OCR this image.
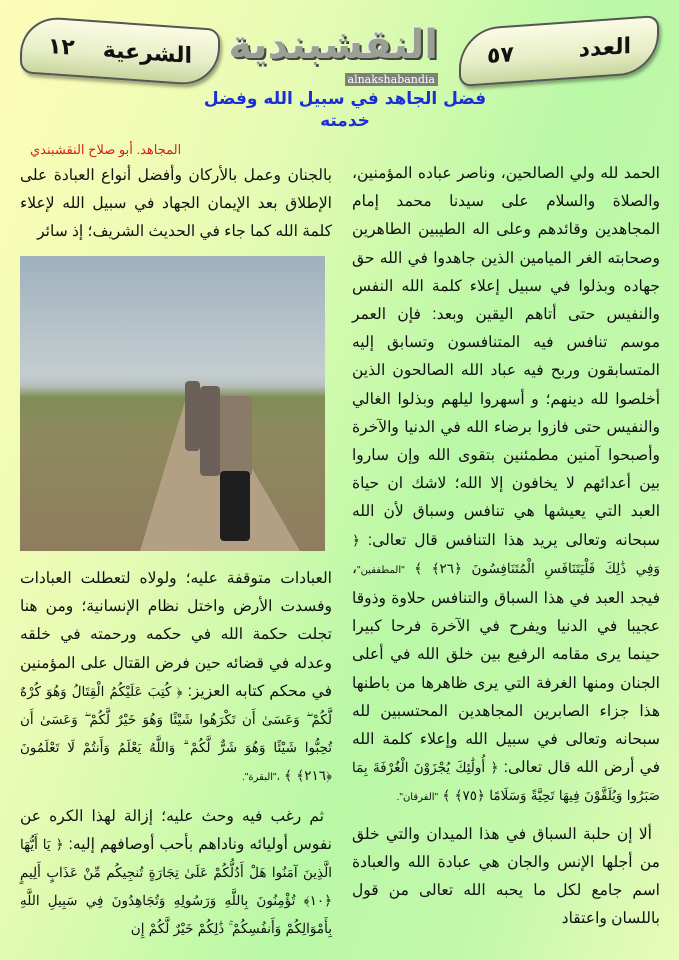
العدد
٥٧
النقشبندية
alnakshabandia
الشرعية
١٢
فضل الجاهد في سبيل الله وفضل خدمته
المجاهد. أبو صلاح النقشبندي

الحمد لله ولي الصالحين، وناصر عباده المؤمنين، والصلاة والسلام على سيدنا محمد إمام المجاهدين وقائدهم وعلى اله الطيبين الطاهرين وصحابته الغر الميامين الذين جاهدوا في الله حق جهاده وبذلوا في سبيل إعلاء كلمة الله النفس والنفيس حتى أتاهم اليقين وبعد: فإن العمر موسم تنافس فيه المتنافسون وتسابق إليه المتسابقون وربح فيه عباد الله الصالحون الذين أخلصوا لله دينهم؛ و أسهروا ليلهم وبذلوا الغالي والنفيس حتى فازوا برضاء الله في الدنيا والآخرة وأصبحوا آمنين مطمئنين بتقوى الله وإن ساروا بين أعدائهم لا يخافون إلا الله؛ لاشك ان حياة العبد التي يعيشها هي تنافس وسباق لأن الله سبحانه وتعالى يريد هذا التنافس قال تعالى: ﴿ وَفِي ذَٰلِكَ فَلْيَتَنَافَسِ الْمُتَنَافِسُونَ ﴿٢٦﴾ ﴾ "المطففين"، فيجد العبد في هذا السباق والتنافس حلاوة وذوقا عجيبا في الدنيا ويفرح في الآخرة فرحا كبيرا حينما يرى مقامه الرفيع بين خلق الله في أعلى الجنان ومنها الغرفة التي يرى ظاهرها من باطنها هذا جزاء الصابرين المجاهدين المحتسبين لله سبحانه وتعالى في سبيل الله وإعلاء كلمة الله في أرض الله قال تعالى: ﴿ أُولَٰئِكَ يُجْزَوْنَ الْغُرْفَةَ بِمَا صَبَرُوا وَيُلَقَّوْنَ فِيهَا تَحِيَّةً وَسَلَامًا ﴿٧٥﴾ ﴾ "الفرقان".

ألا إن حلبة السباق في هذا الميدان والتي خلق من أجلها الإنس والجان هي عبادة الله والعبادة اسم جامع لكل ما يحبه الله تعالى من قول باللسان واعتقاد

بالجنان وعمل بالأركان وأفضل أنواع العبادة على الإطلاق بعد الإيمان الجهاد في سبيل الله لإعلاء كلمة الله كما جاء في الحديث الشريف؛ إذ سائر

العبادات متوقفة عليه؛ ولولاه لتعطلت العبادات وفسدت الأرض واختل نظام الإنسانية؛ ومن هنا تجلت حكمة الله في حكمه ورحمته في خلقه وعدله في قضائه حين فرض القتال على المؤمنين في محكم كتابه العزيز: ﴿ كُتِبَ عَلَيْكُمُ الْقِتَالُ وَهُوَ كُرْهٌ لَّكُمْ ۖ وَعَسَىٰ أَن تَكْرَهُوا شَيْئًا وَهُوَ خَيْرٌ لَّكُمْ ۖ وَعَسَىٰ أَن تُحِبُّوا شَيْئًا وَهُوَ شَرٌّ لَّكُمْ ۗ وَاللَّهُ يَعْلَمُ وَأَنتُمْ لَا تَعْلَمُونَ ﴿٢١٦﴾ ﴾ ،"البقرة".

ثم رغب فيه وحث عليه؛ إزالة لهذا الكره عن نفوس أوليائه وناداهم بأحب أوصافهم إليه: ﴿ يَا أَيُّهَا الَّذِينَ آمَنُوا هَلْ أَدُلُّكُمْ عَلَىٰ تِجَارَةٍ تُنجِيكُم مِّنْ عَذَابٍ أَلِيمٍ ﴿١٠﴾ تُؤْمِنُونَ بِاللَّهِ وَرَسُولِهِ وَتُجَاهِدُونَ فِي سَبِيلِ اللَّهِ بِأَمْوَالِكُمْ وَأَنفُسِكُمْ ۚ ذَٰلِكُمْ خَيْرٌ لَّكُمْ إِن
